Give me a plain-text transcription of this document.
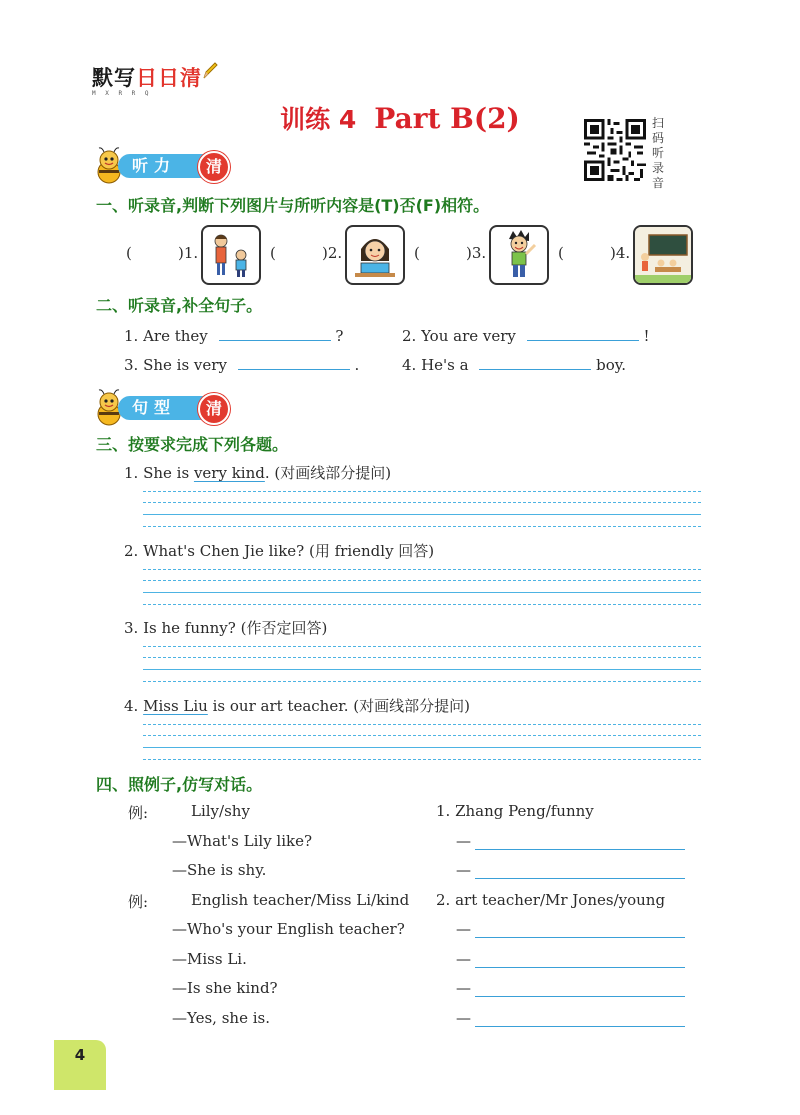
默写日日清
M X R R Q
训练 4 Part B(2)	扫码听录音
听力	清
一、听录音,判断下列图片与所听内容是(T)否(F)相符。
(	)1.	(	)2.	(	)3.	(	)4.
二、听录音,补全句子。
1. Are they	?	2. You are very	!
3. She is very	.	4. He's a	boy.
句型	清
三、按要求完成下列各题。
1. She is very kind. (对画线部分提问)
2. What's Chen Jie like? (用 friendly 回答)
3. Is he funny? (作否定回答)
4. Miss Liu is our art teacher. (对画线部分提问)
四、照例子,仿写对话。
例:	Lily/shy	1. Zhang Peng/funny
—What's Lily like?	—
—She is shy.	—
例:	English teacher/Miss Li/kind 2. art teacher/Mr Jones/young
—Who's your English teacher?	—
—Miss Li.	—
—Is she kind?	—
—Yes, she is.	—
4
